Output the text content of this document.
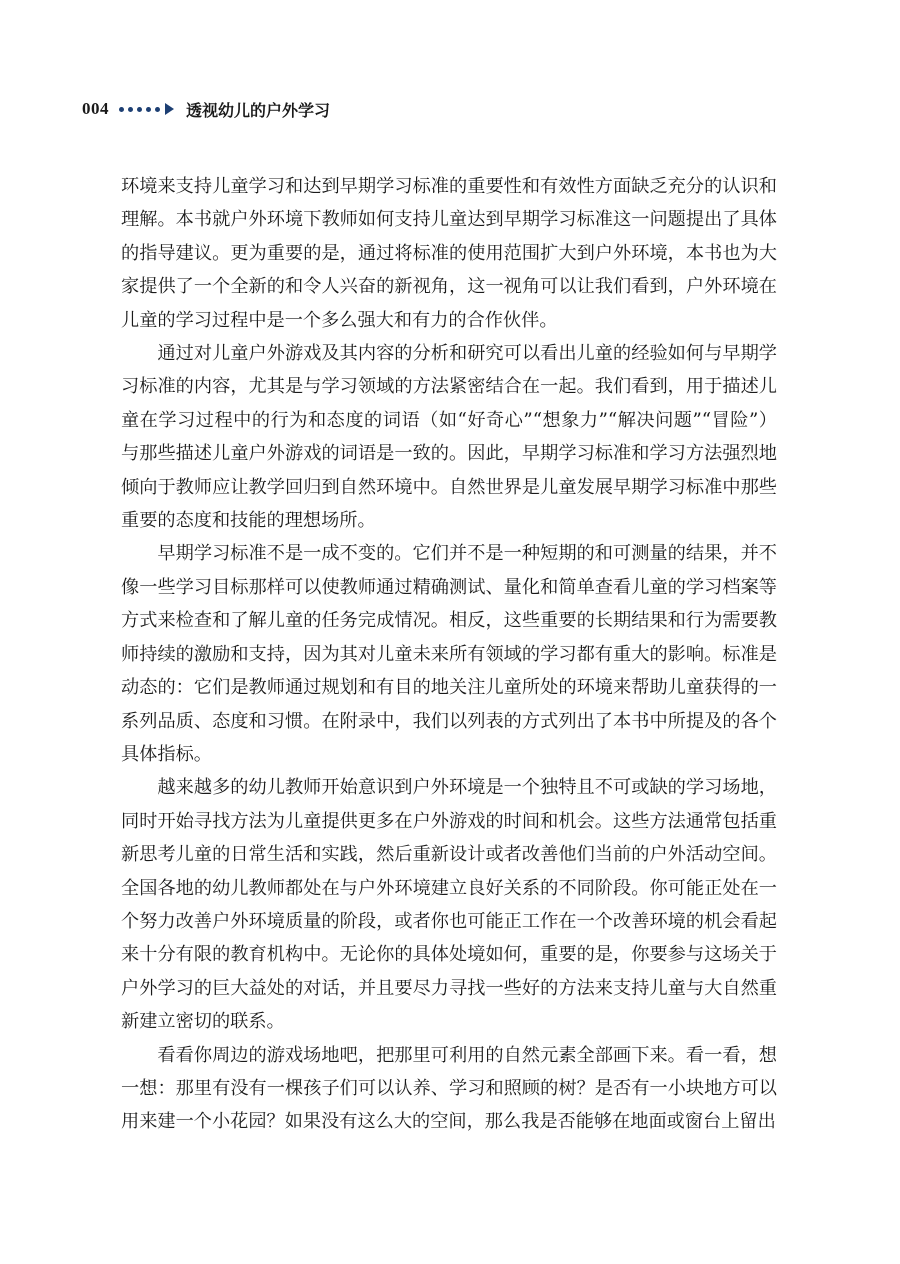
004	透视幼儿的户外学习

环境来支持儿童学习和达到早期学习标准的重要性和有效性方面缺乏充分的认识和理解。本书就户外环境下教师如何支持儿童达到早期学习标准这一问题提出了具体的指导建议。更为重要的是，通过将标准的使用范围扩大到户外环境，本书也为大家提供了一个全新的和令人兴奋的新视角，这一视角可以让我们看到，户外环境在儿童的学习过程中是一个多么强大和有力的合作伙伴。

通过对儿童户外游戏及其内容的分析和研究可以看出儿童的经验如何与早期学习标准的内容，尤其是与学习领域的方法紧密结合在一起。我们看到，用于描述儿童在学习过程中的行为和态度的词语（如“好奇心”“想象力”“解决问题”“冒险”）与那些描述儿童户外游戏的词语是一致的。因此，早期学习标准和学习方法强烈地倾向于教师应让教学回归到自然环境中。自然世界是儿童发展早期学习标准中那些重要的态度和技能的理想场所。

早期学习标准不是一成不变的。它们并不是一种短期的和可测量的结果，并不像一些学习目标那样可以使教师通过精确测试、量化和简单查看儿童的学习档案等方式来检查和了解儿童的任务完成情况。相反，这些重要的长期结果和行为需要教师持续的激励和支持，因为其对儿童未来所有领域的学习都有重大的影响。标准是动态的：它们是教师通过规划和有目的地关注儿童所处的环境来帮助儿童获得的一系列品质、态度和习惯。在附录中，我们以列表的方式列出了本书中所提及的各个具体指标。

越来越多的幼儿教师开始意识到户外环境是一个独特且不可或缺的学习场地，同时开始寻找方法为儿童提供更多在户外游戏的时间和机会。这些方法通常包括重新思考儿童的日常生活和实践，然后重新设计或者改善他们当前的户外活动空间。全国各地的幼儿教师都处在与户外环境建立良好关系的不同阶段。你可能正处在一个努力改善户外环境质量的阶段，或者你也可能正工作在一个改善环境的机会看起来十分有限的教育机构中。无论你的具体处境如何，重要的是，你要参与这场关于户外学习的巨大益处的对话，并且要尽力寻找一些好的方法来支持儿童与大自然重新建立密切的联系。

看看你周边的游戏场地吧，把那里可利用的自然元素全部画下来。看一看，想一想：那里有没有一棵孩子们可以认养、学习和照顾的树？是否有一小块地方可以用来建一个小花园？如果没有这么大的空间，那么我是否能够在地面或窗台上留出
